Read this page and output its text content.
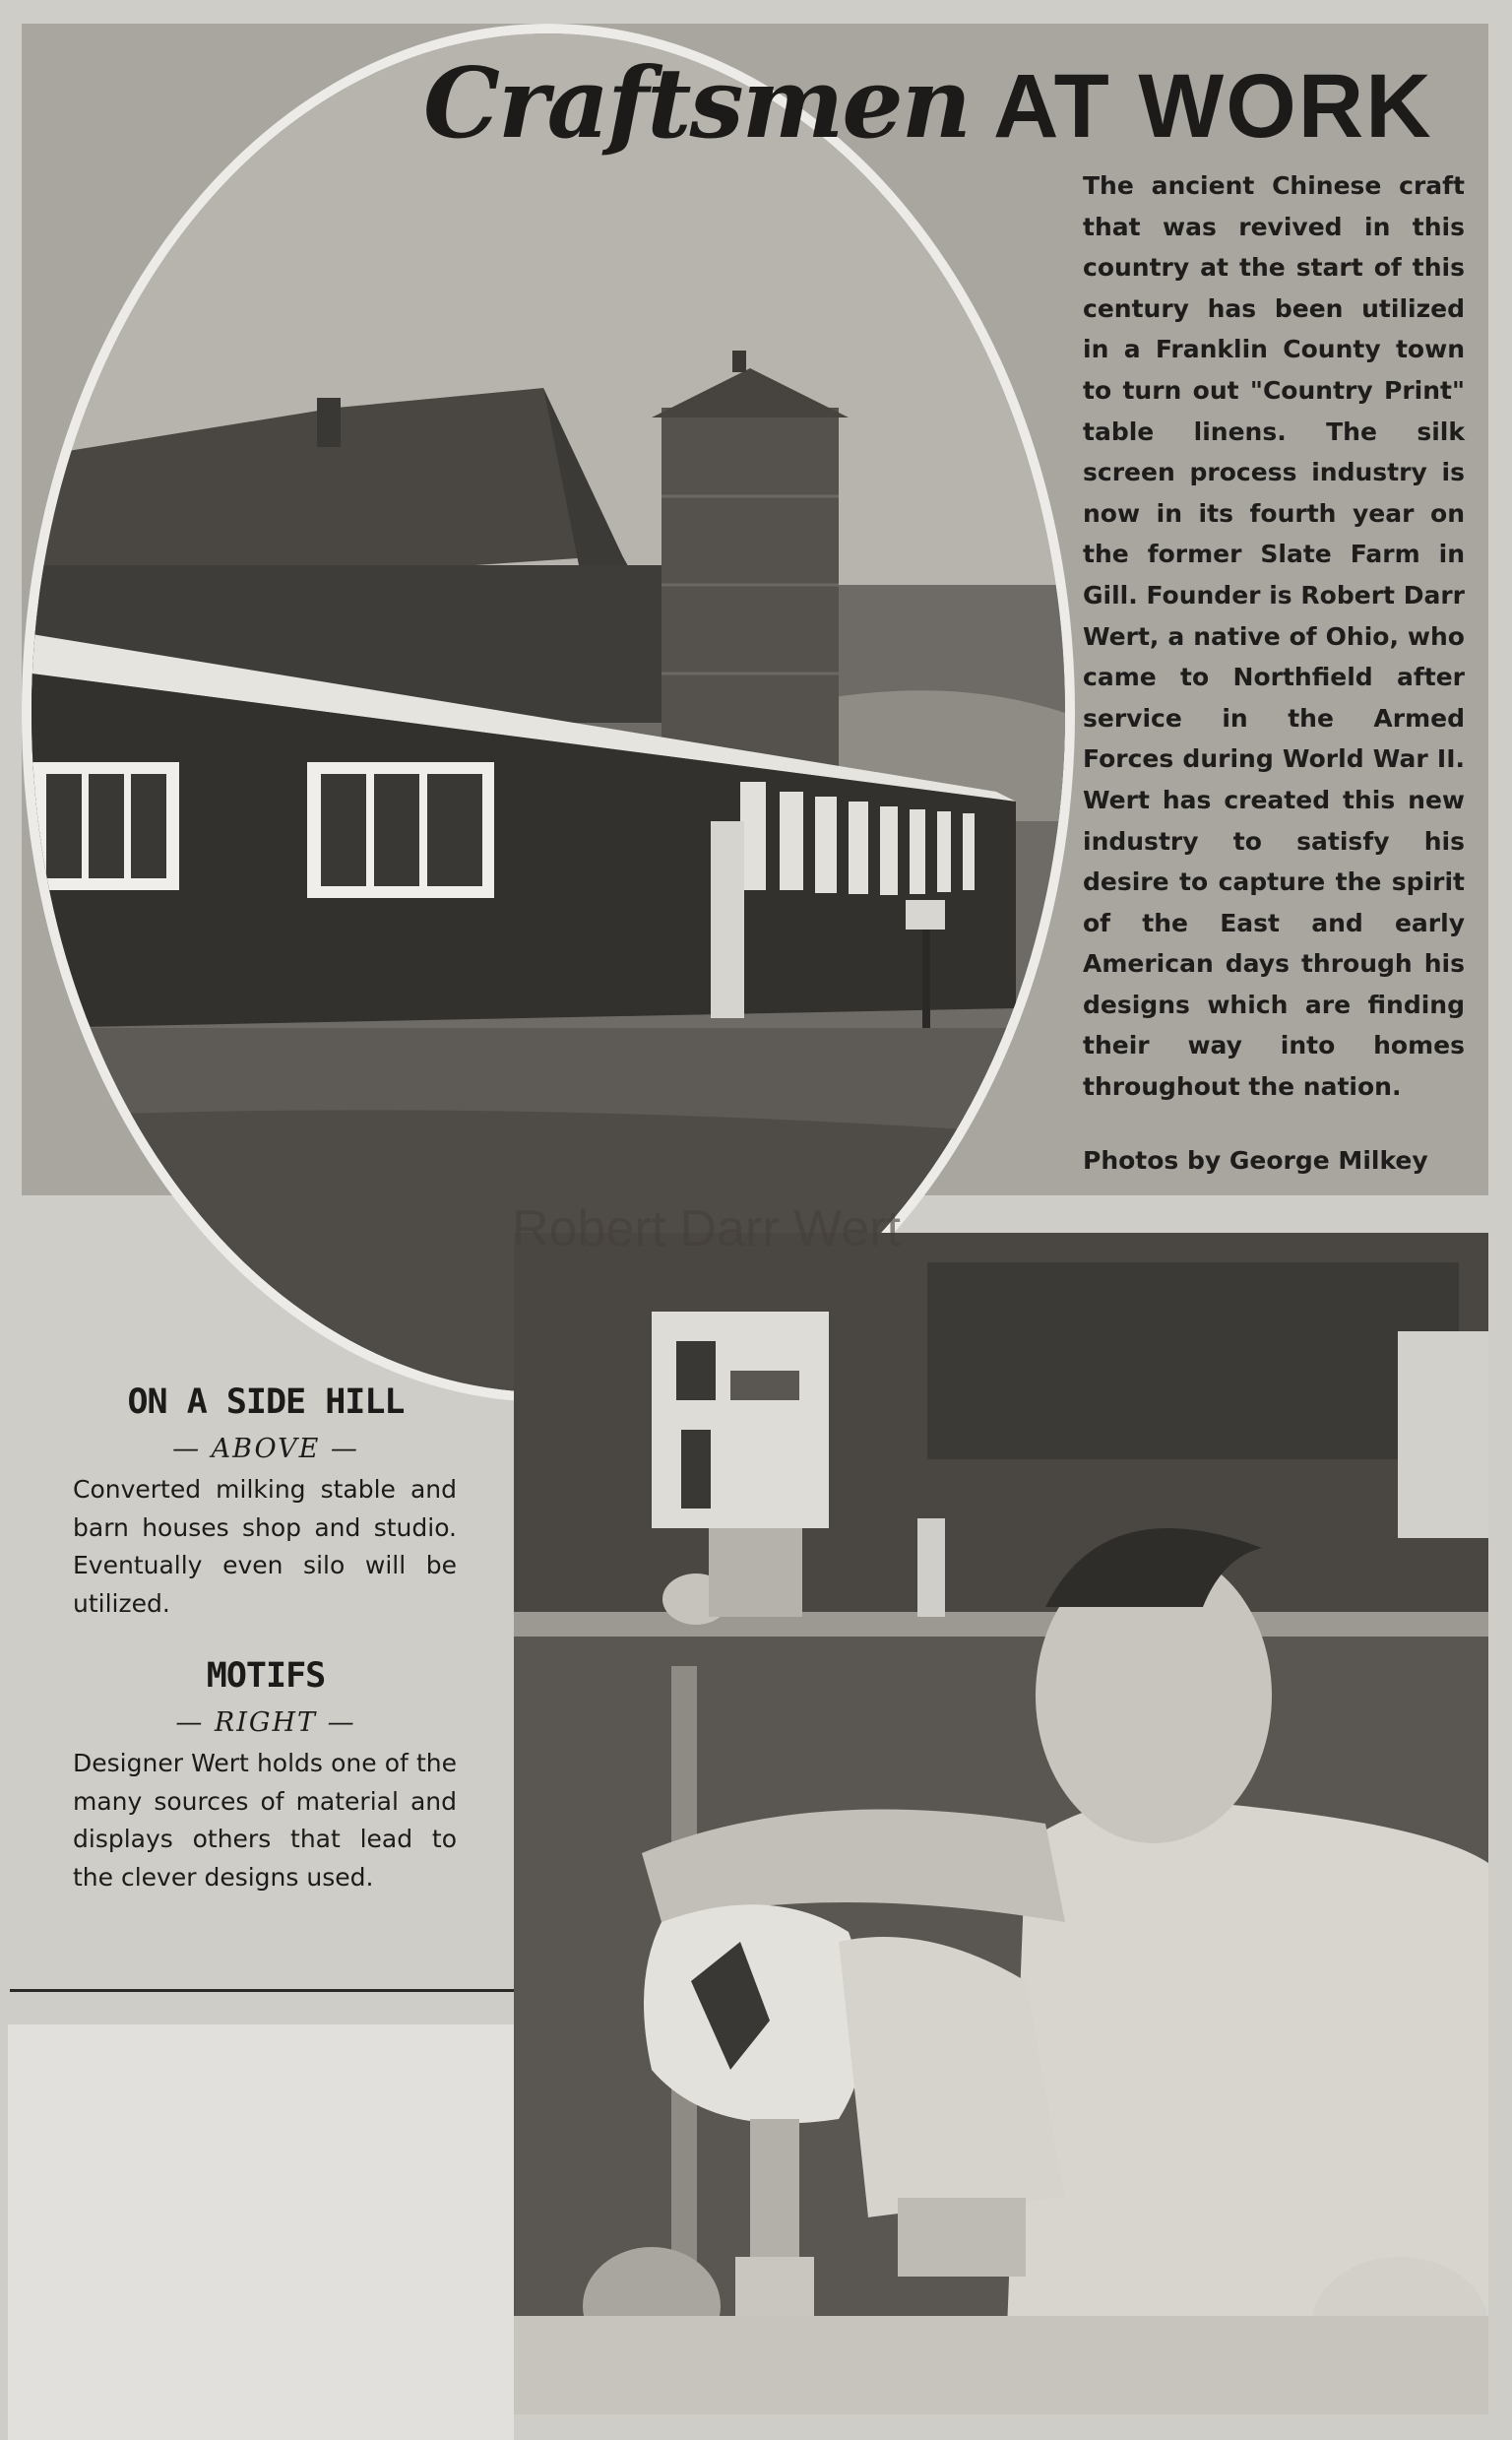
Craftsmen AT WORK

The ancient Chinese craft that was revived in this country at the start of this century has been utilized in a Franklin County town to turn out "Country Print" table linens. The silk screen process industry is now in its fourth year on the former Slate Farm in Gill. Founder is Robert Darr Wert, a native of Ohio, who came to Northfield after service in the Armed Forces during World War II. Wert has created this new industry to satisfy his desire to capture the spirit of the East and early American days through his designs which are finding their way into homes throughout the nation.

Photos by George Milkey
Robert Darr Wert
ON A SIDE HILL
— ABOVE —

Converted milking stable and barn houses shop and studio. Eventually even silo will be utilized.

MOTIFS
— RIGHT —

Designer Wert holds one of the many sources of material and displays others that lead to the clever designs used.
